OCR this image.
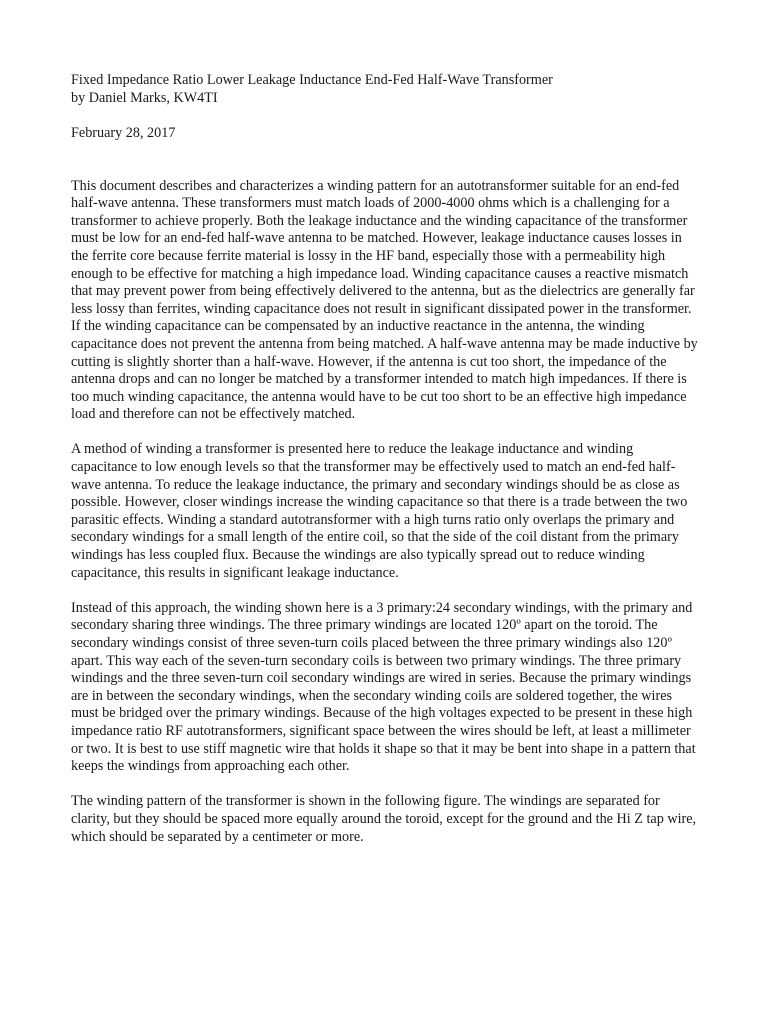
Fixed Impedance Ratio Lower Leakage Inductance End-Fed Half-Wave Transformer

by Daniel Marks, KW4TI

February 28, 2017

This document describes and characterizes a winding pattern for an autotransformer suitable for an end-fed half-wave antenna. These transformers must match loads of 2000-4000 ohms which is a challenging for a transformer to achieve properly. Both the leakage inductance and the winding capacitance of the transformer must be low for an end-fed half-wave antenna to be matched. However, leakage inductance causes losses in the ferrite core because ferrite material is lossy in the HF band, especially those with a permeability high enough to be effective for matching a high impedance load. Winding capacitance causes a reactive mismatch that may prevent power from being effectively delivered to the antenna, but as the dielectrics are generally far less lossy than ferrites, winding capacitance does not result in significant dissipated power in the transformer. If the winding capacitance can be compensated by an inductive reactance in the antenna, the winding capacitance does not prevent the antenna from being matched. A half-wave antenna may be made inductive by cutting is slightly shorter than a half-wave. However, if the antenna is cut too short, the impedance of the antenna drops and can no longer be matched by a transformer intended to match high impedances. If there is too much winding capacitance, the antenna would have to be cut too short to be an effective high impedance load and therefore can not be effectively matched.

A method of winding a transformer is presented here to reduce the leakage inductance and winding capacitance to low enough levels so that the transformer may be effectively used to match an end-fed half-wave antenna. To reduce the leakage inductance, the primary and secondary windings should be as close as possible. However, closer windings increase the winding capacitance so that there is a trade between the two parasitic effects. Winding a standard autotransformer with a high turns ratio only overlaps the primary and secondary windings for a small length of the entire coil, so that the side of the coil distant from the primary windings has less coupled flux. Because the windings are also typically spread out to reduce winding capacitance, this results in significant leakage inductance.

Instead of this approach, the winding shown here is a 3 primary:24 secondary windings, with the primary and secondary sharing three windings. The three primary windings are located 120º apart on the toroid. The secondary windings consist of three seven-turn coils placed between the three primary windings also 120º apart. This way each of the seven-turn secondary coils is between two primary windings. The three primary windings and the three seven-turn coil secondary windings are wired in series. Because the primary windings are in between the secondary windings, when the secondary winding coils are soldered together, the wires must be bridged over the primary windings. Because of the high voltages expected to be present in these high impedance ratio RF autotransformers, significant space between the wires should be left, at least a millimeter or two. It is best to use stiff magnetic wire that holds it shape so that it may be bent into shape in a pattern that keeps the windings from approaching each other.

The winding pattern of the transformer is shown in the following figure. The windings are separated for clarity, but they should be spaced more equally around the toroid, except for the ground and the Hi Z tap wire, which should be separated by a centimeter or more.
